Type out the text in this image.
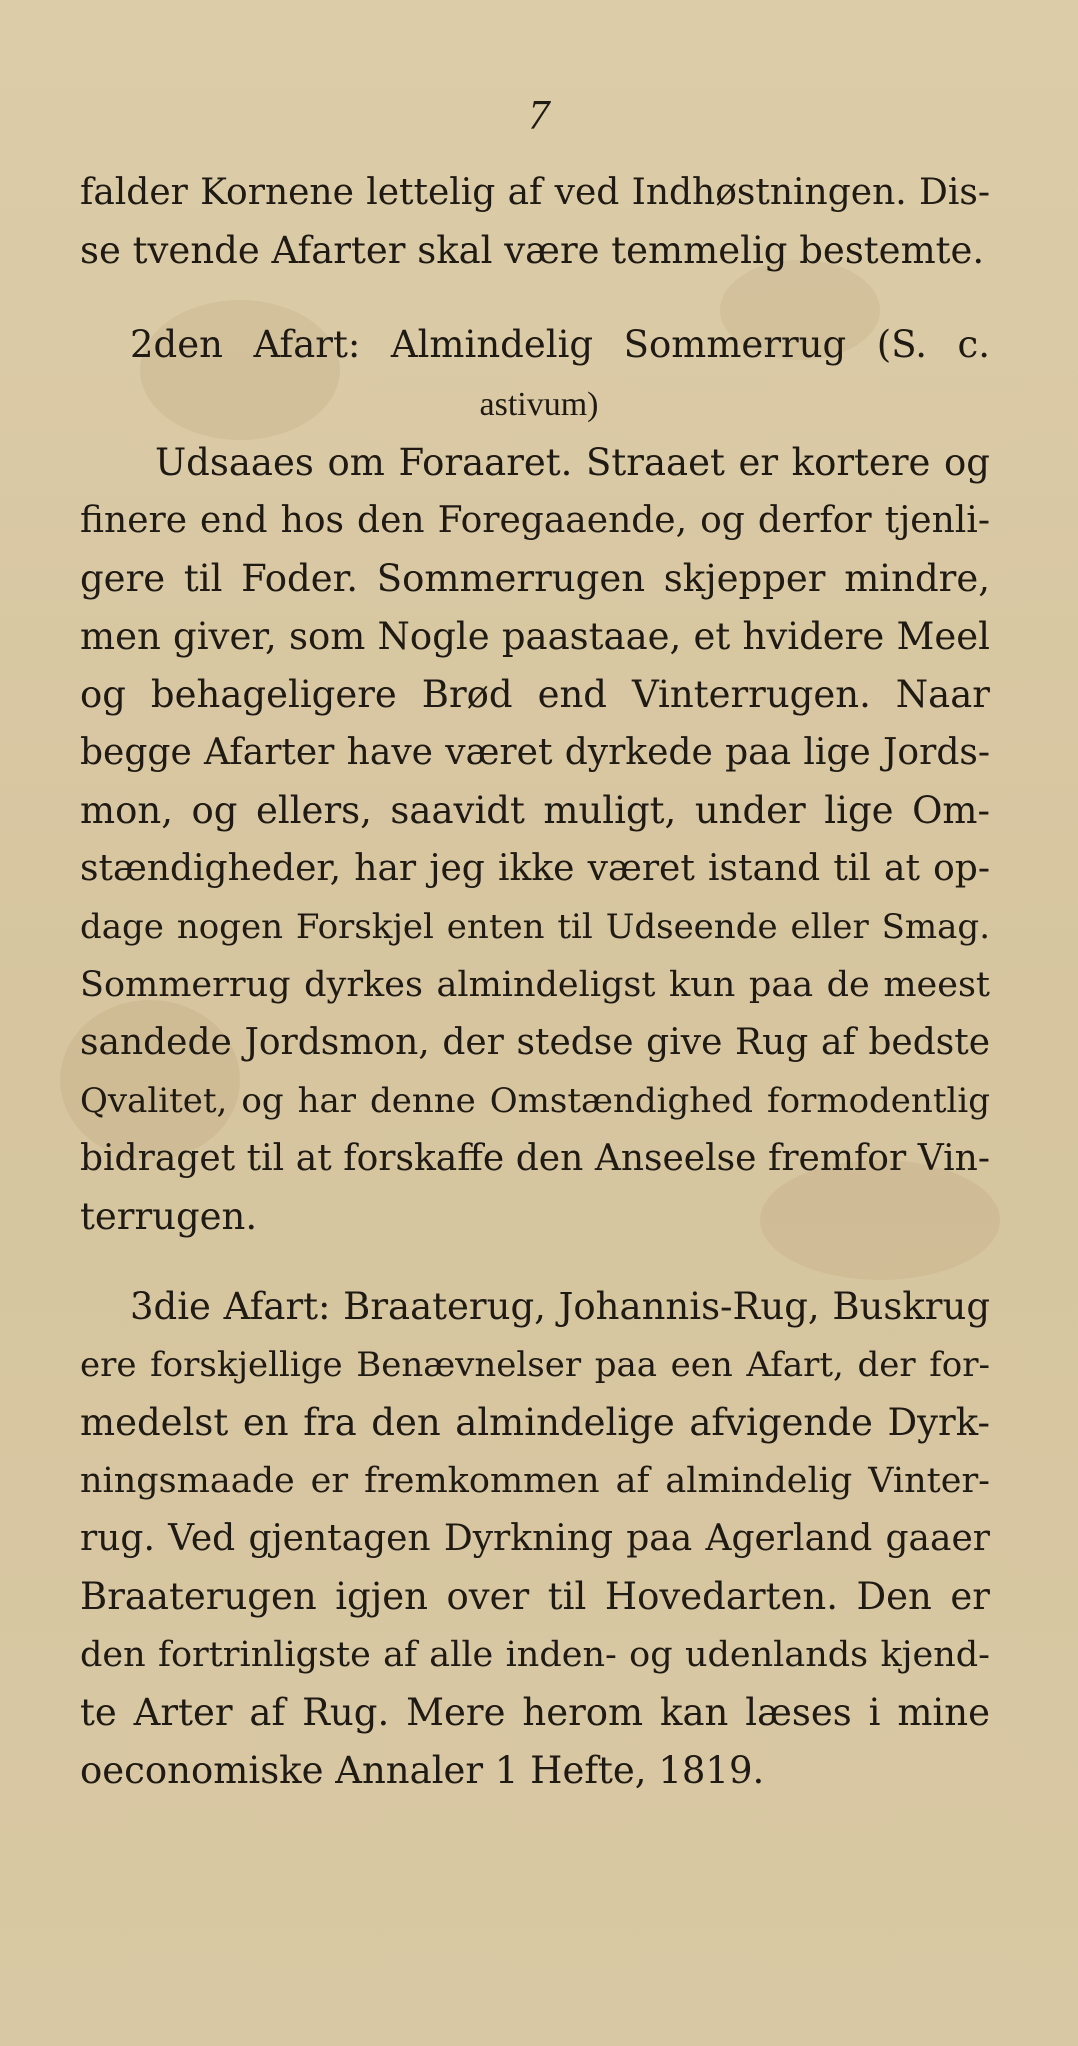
7
falder Kornene lettelig af ved Indhøstningen. Dis-
se tvende Afarter skal være temmelig bestemte.
2den Afart: Almindelig Sommerrug (S. c.
astivum)
Udsaaes om Foraaret. Straaet er kortere og
finere end hos den Foregaaende, og derfor tjenli-
gere til Foder. Sommerrugen skjepper mindre,
men giver, som Nogle paastaae, et hvidere Meel
og behageligere Brød end Vinterrugen. Naar
begge Afarter have været dyrkede paa lige Jords-
mon, og ellers, saavidt muligt, under lige Om-
stændigheder, har jeg ikke været istand til at op-
dage nogen Forskjel enten til Udseende eller Smag.
Sommerrug dyrkes almindeligst kun paa de meest
sandede Jordsmon, der stedse give Rug af bedste
Qvalitet, og har denne Omstændighed formodentlig
bidraget til at forskaffe den Anseelse fremfor Vin-
terrugen.
3die Afart: Braaterug, Johannis-Rug, Buskrug
ere forskjellige Benævnelser paa een Afart, der for-
medelst en fra den almindelige afvigende Dyrk-
ningsmaade er fremkommen af almindelig Vinter-
rug. Ved gjentagen Dyrkning paa Agerland gaaer
Braaterugen igjen over til Hovedarten. Den er
den fortrinligste af alle inden- og udenlands kjend-
te Arter af Rug. Mere herom kan læses i mine
oeconomiske Annaler 1 Hefte, 1819.
